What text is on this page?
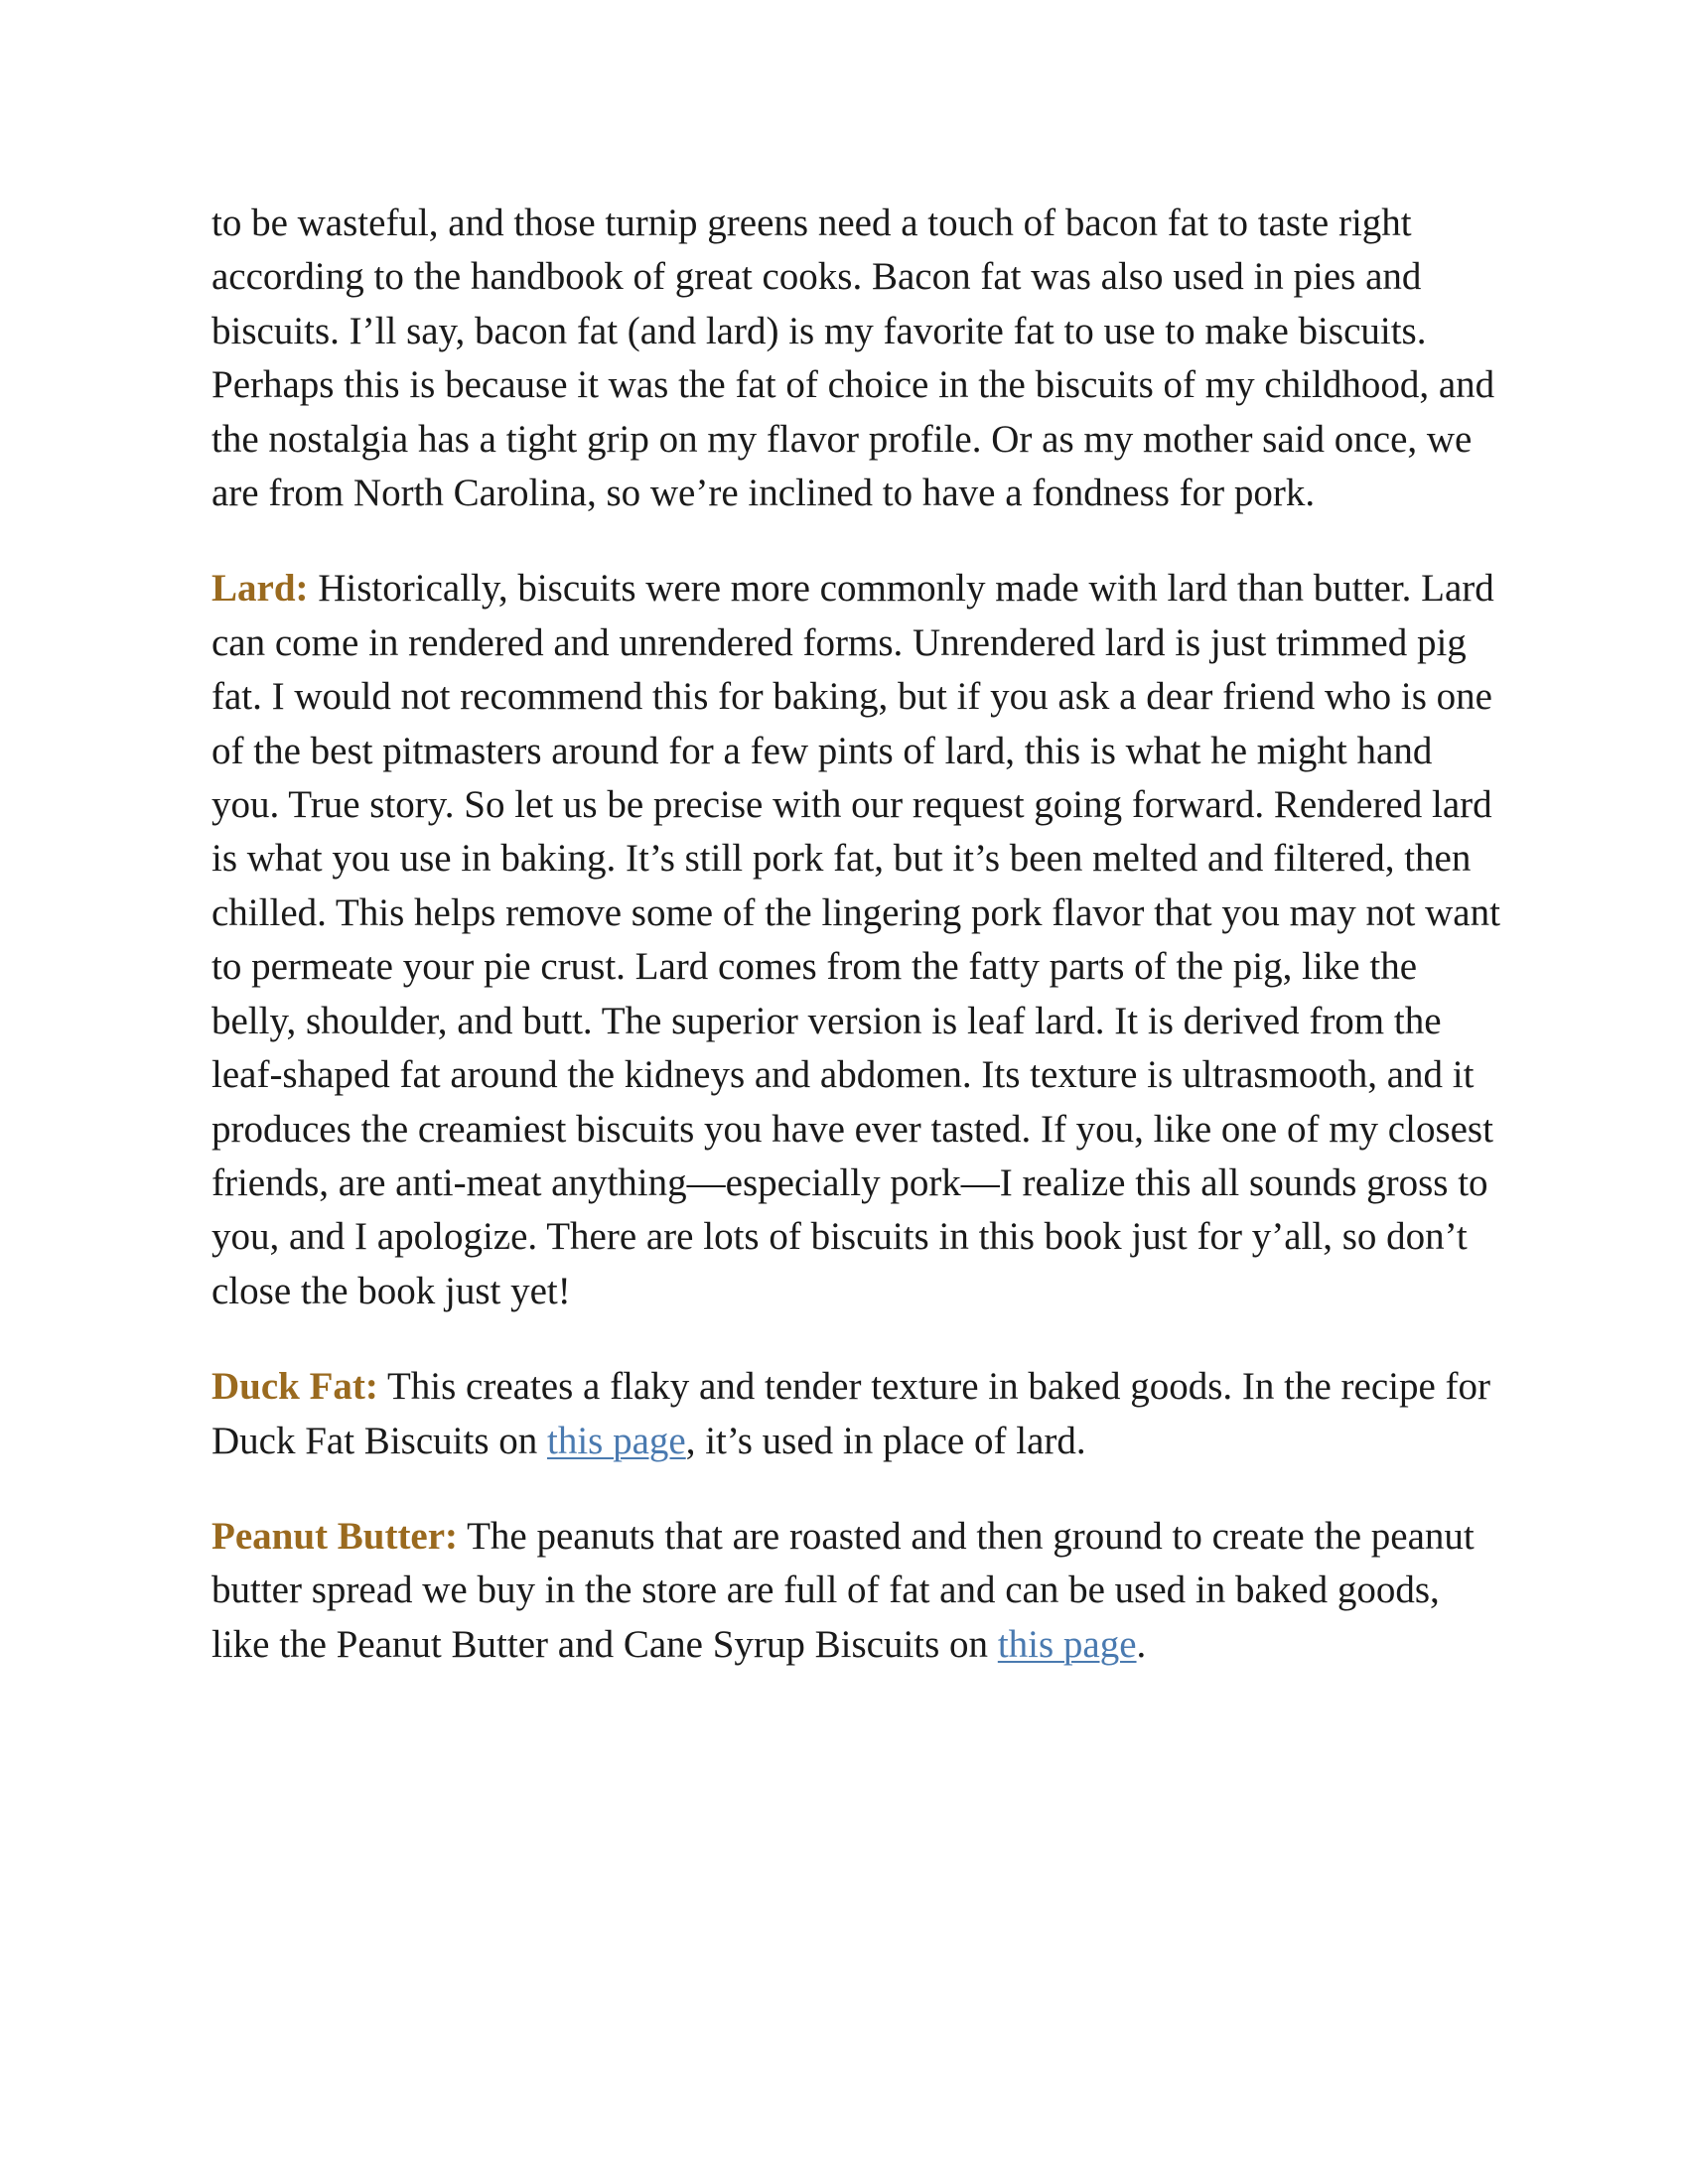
to be wasteful, and those turnip greens need a touch of bacon fat to taste right according to the handbook of great cooks. Bacon fat was also used in pies and biscuits. I’ll say, bacon fat (and lard) is my favorite fat to use to make biscuits. Perhaps this is because it was the fat of choice in the biscuits of my childhood, and the nostalgia has a tight grip on my flavor profile. Or as my mother said once, we are from North Carolina, so we’re inclined to have a fondness for pork.

Lard: Historically, biscuits were more commonly made with lard than butter. Lard can come in rendered and unrendered forms. Unrendered lard is just trimmed pig fat. I would not recommend this for baking, but if you ask a dear friend who is one of the best pitmasters around for a few pints of lard, this is what he might hand you. True story. So let us be precise with our request going forward. Rendered lard is what you use in baking. It’s still pork fat, but it’s been melted and filtered, then chilled. This helps remove some of the lingering pork flavor that you may not want to permeate your pie crust. Lard comes from the fatty parts of the pig, like the belly, shoulder, and butt. The superior version is leaf lard. It is derived from the leaf-shaped fat around the kidneys and abdomen. Its texture is ultrasmooth, and it produces the creamiest biscuits you have ever tasted. If you, like one of my closest friends, are anti-meat anything—especially pork—I realize this all sounds gross to you, and I apologize. There are lots of biscuits in this book just for y’all, so don’t close the book just yet!

Duck Fat: This creates a flaky and tender texture in baked goods. In the recipe for Duck Fat Biscuits on this page, it’s used in place of lard.

Peanut Butter: The peanuts that are roasted and then ground to create the peanut butter spread we buy in the store are full of fat and can be used in baked goods, like the Peanut Butter and Cane Syrup Biscuits on this page.
